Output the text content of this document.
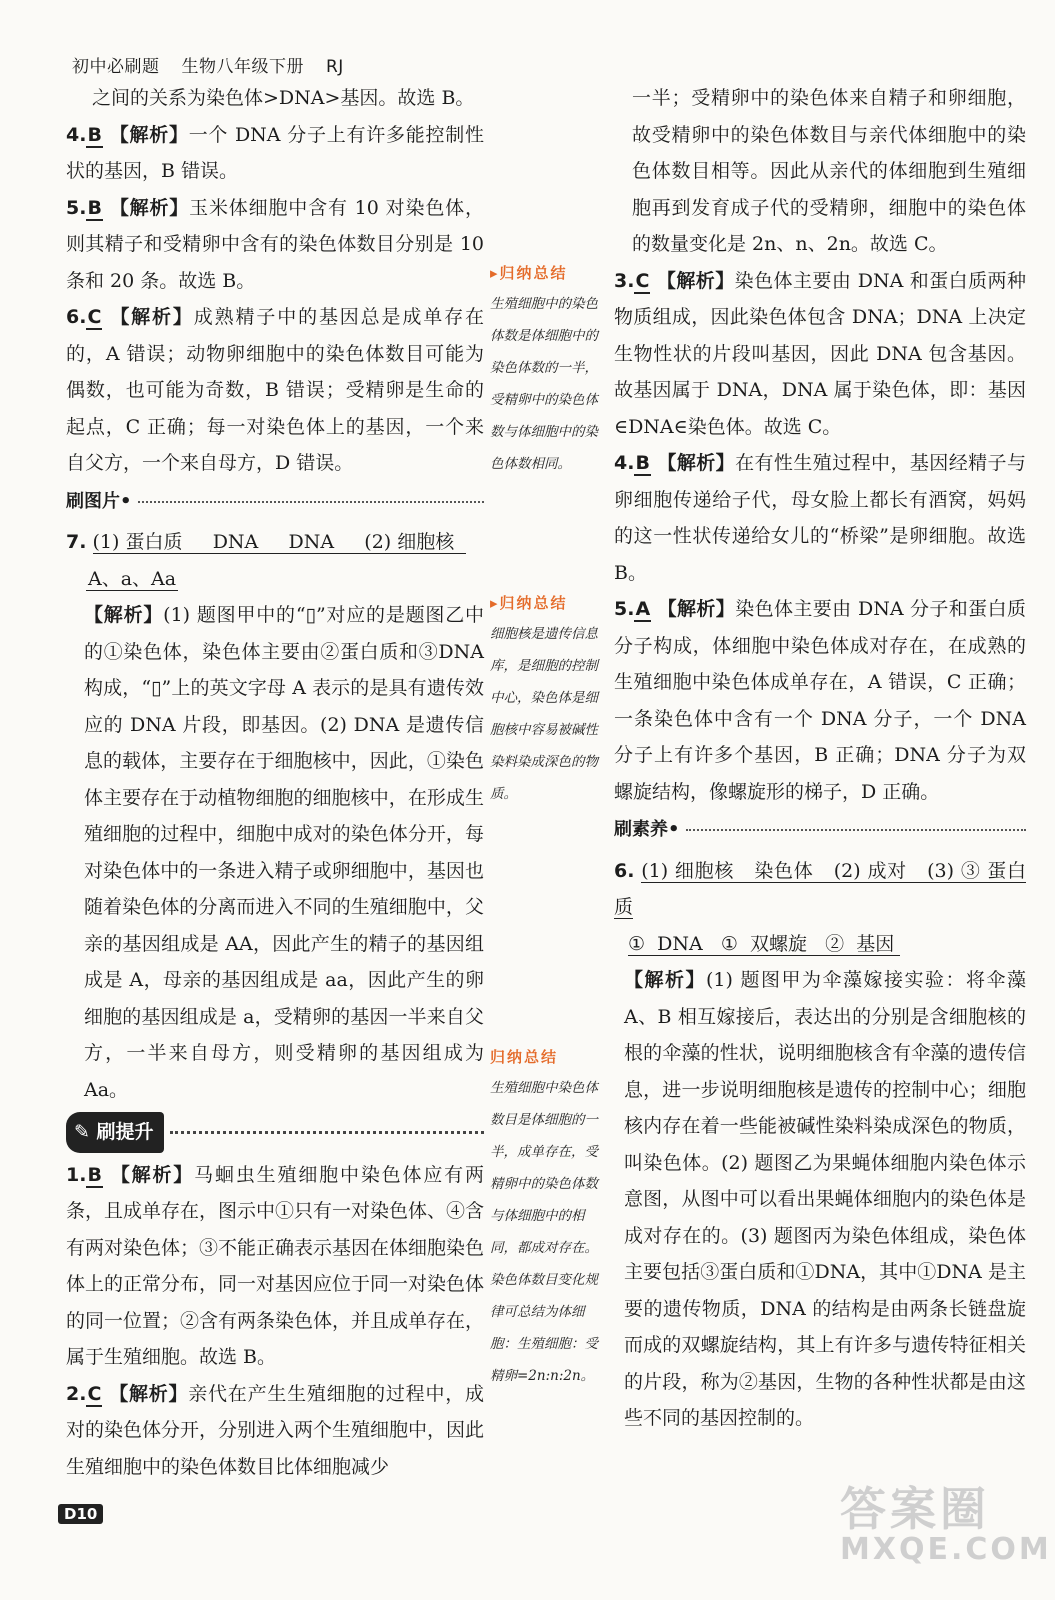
初中必刷题 生物八年级下册 RJ

之间的关系为染色体>DNA>基因。故选 B。

4.B 【解析】一个 DNA 分子上有许多能控制性状的基因，B 错误。

5.B 【解析】玉米体细胞中含有 10 对染色体，则其精子和受精卵中含有的染色体数目分别是 10 条和 20 条。故选 B。

6.C 【解析】成熟精子中的基因总是成单存在的，A 错误；动物卵细胞中的染色体数目可能为偶数，也可能为奇数，B 错误；受精卵是生命的起点，C 正确；每一对染色体上的基因，一个来自父方，一个来自母方，D 错误。

刷图片 •

7. (1) 蛋白质 DNA DNA (2) 细胞核
A、a、Aa

【解析】(1) 题图甲中的“▯”对应的是题图乙中的①染色体，染色体主要由②蛋白质和③DNA 构成，“▯”上的英文字母 A 表示的是具有遗传效应的 DNA 片段，即基因。(2) DNA 是遗传信息的载体，主要存在于细胞核中，因此，①染色体主要存在于动植物细胞的细胞核中，在形成生殖细胞的过程中，细胞中成对的染色体分开，每对染色体中的一条进入精子或卵细胞中，基因也随着染色体的分离而进入不同的生殖细胞中，父亲的基因组成是 AA，因此产生的精子的基因组成是 A，母亲的基因组成是 aa，因此产生的卵细胞的基因组成是 a，受精卵的基因一半来自父方，一半来自母方，则受精卵的基因组成为 Aa。

✎ 刷提升

1.B 【解析】马蛔虫生殖细胞中染色体应有两条，且成单存在，图示中①只有一对染色体、④含有两对染色体；③不能正确表示基因在体细胞染色体上的正常分布，同一对基因应位于同一对染色体的同一位置；②含有两条染色体，并且成单存在，属于生殖细胞。故选 B。

2.C 【解析】亲代在产生生殖细胞的过程中，成对的染色体分开，分别进入两个生殖细胞中，因此生殖细胞中的染色体数目比体细胞减少

▸归纳总结
生殖细胞中的染色体数是体细胞中的染色体数的一半，受精卵中的染色体数与体细胞中的染色体数相同。
▸归纳总结
细胞核是遗传信息库，是细胞的控制中心，染色体是细胞核中容易被碱性染料染成深色的物质。
归纳总结
生殖细胞中染色体数目是体细胞的一半，成单存在，受精卵中的染色体数与体细胞中的相同，都成对存在。染色体数目变化规律可总结为体细胞：生殖细胞：受精卵=2n:n:2n。

一半；受精卵中的染色体来自精子和卵细胞，故受精卵中的染色体数目与亲代体细胞中的染色体数目相等。因此从亲代的体细胞到生殖细胞再到发育成子代的受精卵，细胞中的染色体的数量变化是 2n、n、2n。故选 C。

3.C 【解析】染色体主要由 DNA 和蛋白质两种物质组成，因此染色体包含 DNA；DNA 上决定生物性状的片段叫基因，因此 DNA 包含基因。故基因属于 DNA，DNA 属于染色体，即：基因∈DNA∈染色体。故选 C。

4.B 【解析】在有性生殖过程中，基因经精子与卵细胞传递给子代，母女脸上都长有酒窝，妈妈的这一性状传递给女儿的“桥梁”是卵细胞。故选 B。

5.A 【解析】染色体主要由 DNA 分子和蛋白质分子构成，体细胞中染色体成对存在，在成熟的生殖细胞中染色体成单存在，A 错误，C 正确；一条染色体中含有一个 DNA 分子，一个 DNA 分子上有许多个基因，B 正确；DNA 分子为双螺旋结构，像螺旋形的梯子，D 正确。

刷素养 •

6. (1) 细胞核 染色体 (2) 成对 (3) ③ 蛋白质
① DNA ① 双螺旋 ② 基因

【解析】(1) 题图甲为伞藻嫁接实验：将伞藻 A、B 相互嫁接后，表达出的分别是含细胞核的根的伞藻的性状，说明细胞核含有伞藻的遗传信息，进一步说明细胞核是遗传的控制中心；细胞核内存在着一些能被碱性染料染成深色的物质，叫染色体。(2) 题图乙为果蝇体细胞内染色体示意图，从图中可以看出果蝇体细胞内的染色体是成对存在的。(3) 题图丙为染色体组成，染色体主要包括③蛋白质和①DNA，其中①DNA 是主要的遗传物质，DNA 的结构是由两条长链盘旋而成的双螺旋结构，其上有许多与遗传特征相关的片段，称为②基因，生物的各种性状都是由这些不同的基因控制的。

D10	答案圈
MXQE.COM
